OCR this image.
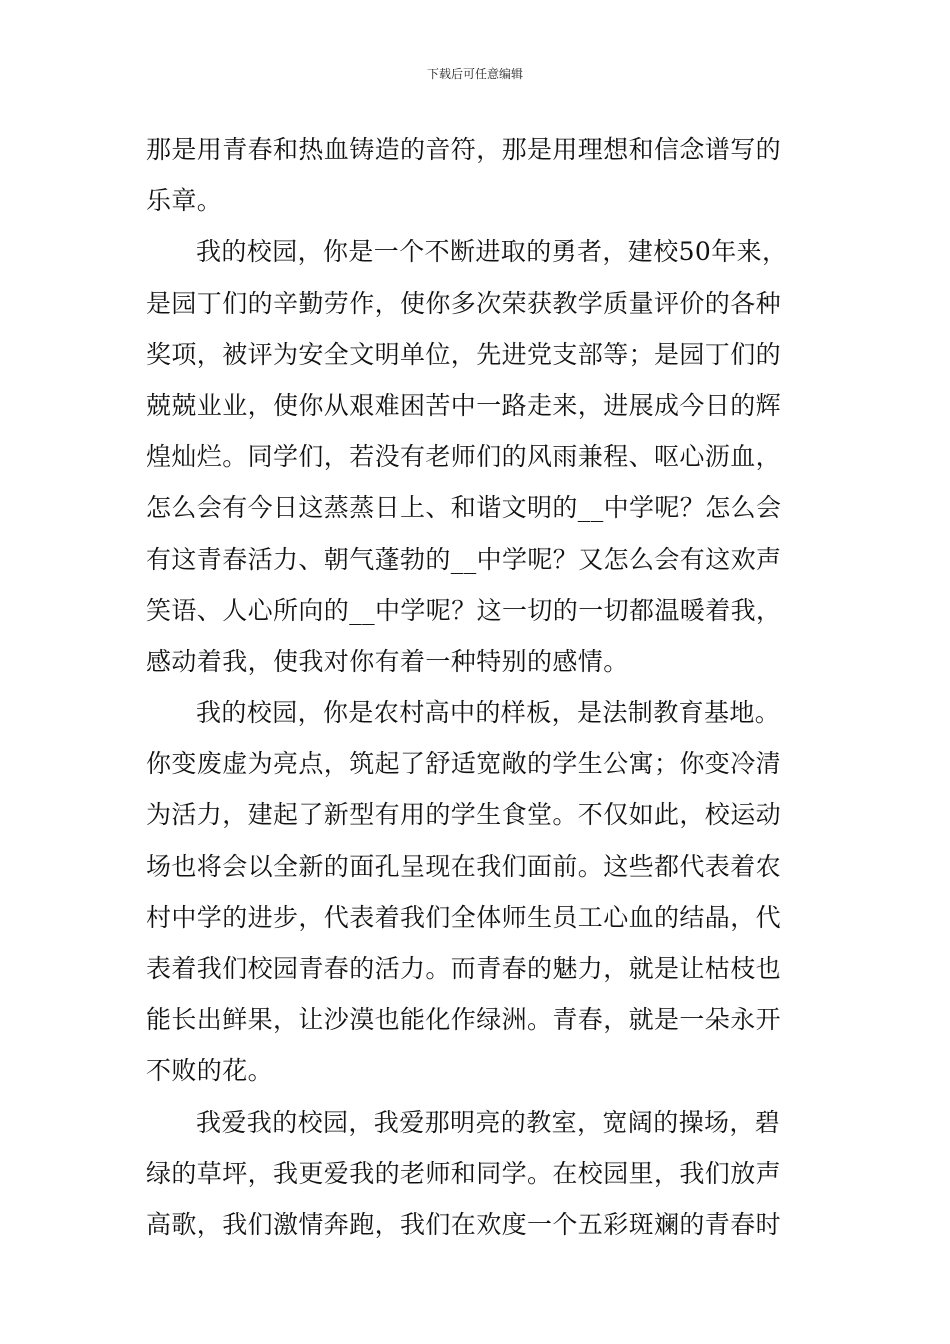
下载后可任意编辑
那是用青春和热血铸造的音符，那是用理想和信念谱写的
乐章。
我的校园，你是一个不断进取的勇者，建校50年来，
是园丁们的辛勤劳作，使你多次荣获教学质量评价的各种
奖项，被评为安全文明单位，先进党支部等；是园丁们的
兢兢业业，使你从艰难困苦中一路走来，进展成今日的辉
煌灿烂。同学们，若没有老师们的风雨兼程、呕心沥血，
怎么会有今日这蒸蒸日上、和谐文明的__中学呢？怎么会
有这青春活力、朝气蓬勃的__中学呢？又怎么会有这欢声
笑语、人心所向的__中学呢？这一切的一切都温暖着我，
感动着我，使我对你有着一种特别的感情。
我的校园，你是农村高中的样板，是法制教育基地。
你变废虚为亮点，筑起了舒适宽敞的学生公寓；你变冷清
为活力，建起了新型有用的学生食堂。不仅如此，校运动
场也将会以全新的面孔呈现在我们面前。这些都代表着农
村中学的进步，代表着我们全体师生员工心血的结晶，代
表着我们校园青春的活力。而青春的魅力，就是让枯枝也
能长出鲜果，让沙漠也能化作绿洲。青春，就是一朵永开
不败的花。
我爱我的校园，我爱那明亮的教室，宽阔的操场，碧
绿的草坪，我更爱我的老师和同学。在校园里，我们放声
高歌，我们激情奔跑，我们在欢度一个五彩斑斓的青春时
